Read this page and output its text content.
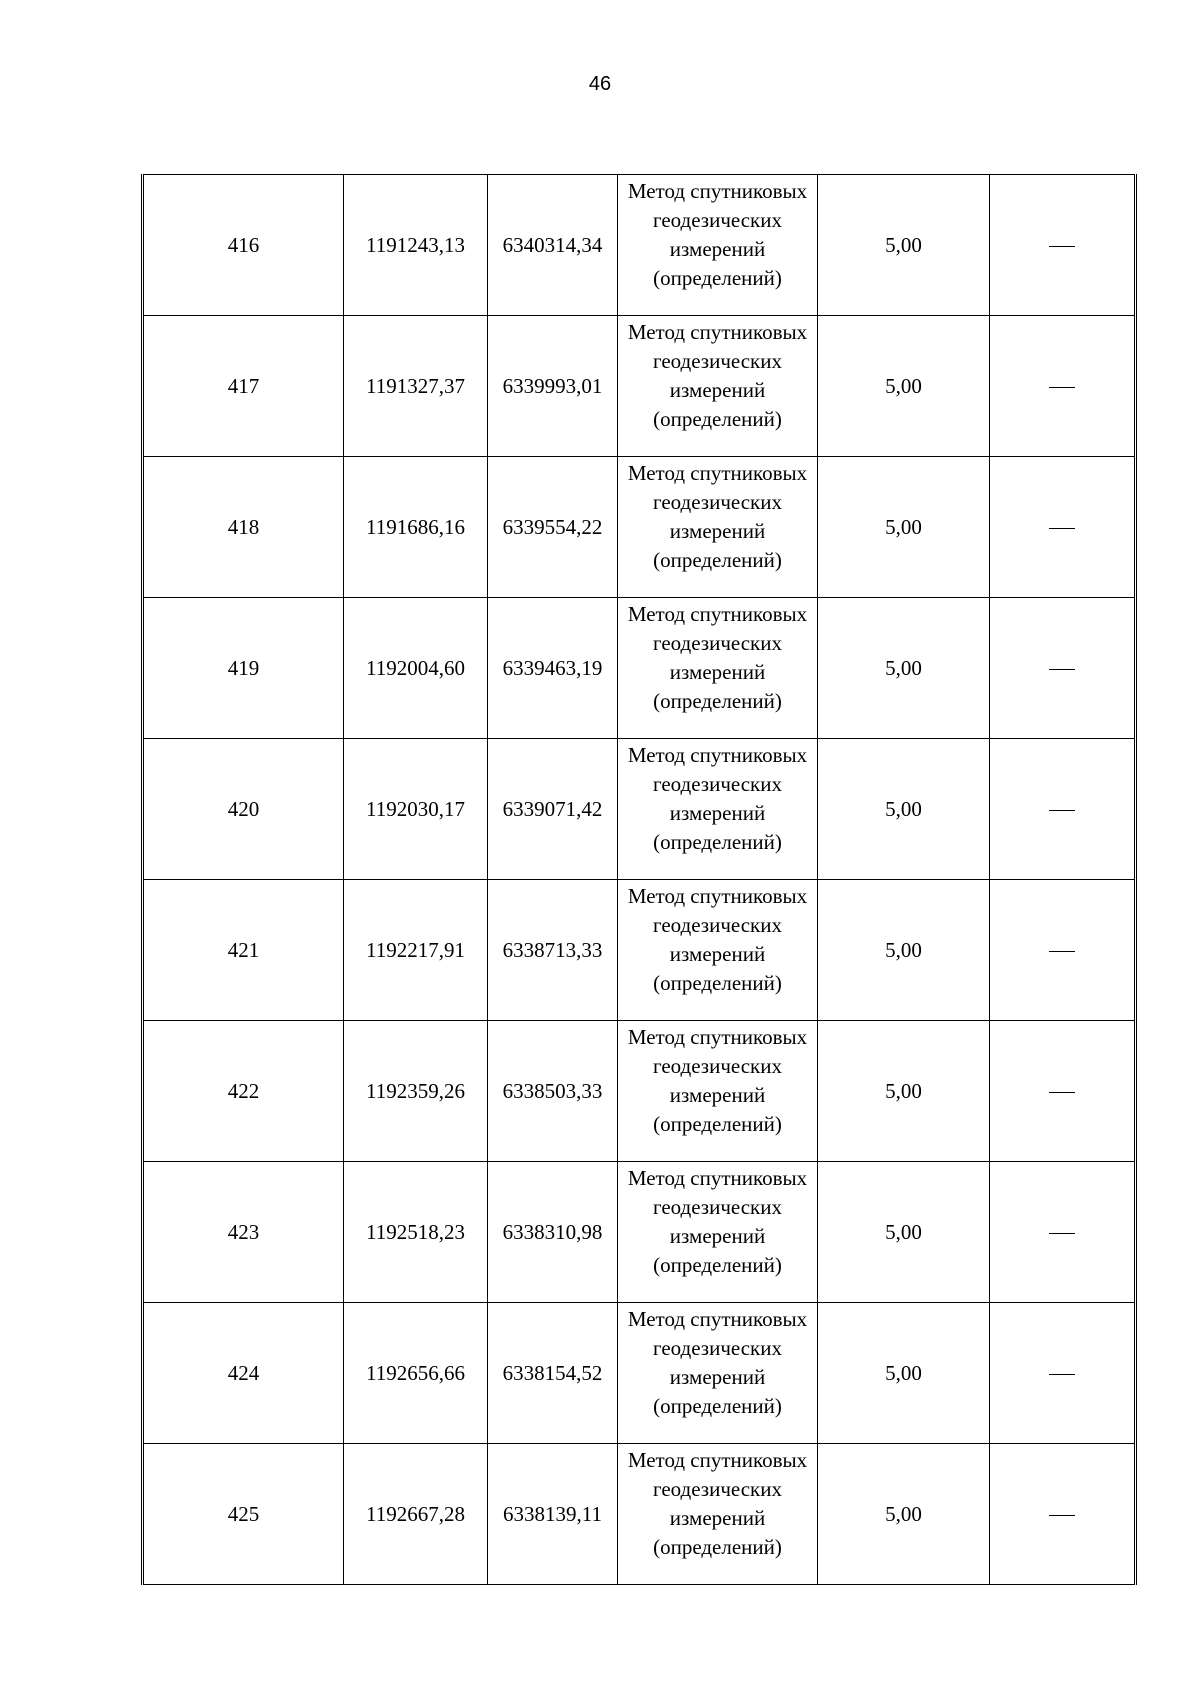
46
416	1191243,13	6340314,34	Метод спутниковых
геодезических
измерений
(определений)	5,00	
417	1191327,37	6339993,01	Метод спутниковых
геодезических
измерений
(определений)	5,00	
418	1191686,16	6339554,22	Метод спутниковых
геодезических
измерений
(определений)	5,00	
419	1192004,60	6339463,19	Метод спутниковых
геодезических
измерений
(определений)	5,00	
420	1192030,17	6339071,42	Метод спутниковых
геодезических
измерений
(определений)	5,00	
421	1192217,91	6338713,33	Метод спутниковых
геодезических
измерений
(определений)	5,00	
422	1192359,26	6338503,33	Метод спутниковых
геодезических
измерений
(определений)	5,00	
423	1192518,23	6338310,98	Метод спутниковых
геодезических
измерений
(определений)	5,00	
424	1192656,66	6338154,52	Метод спутниковых
геодезических
измерений
(определений)	5,00	
425	1192667,28	6338139,11	Метод спутниковых
геодезических
измерений
(определений)	5,00	
